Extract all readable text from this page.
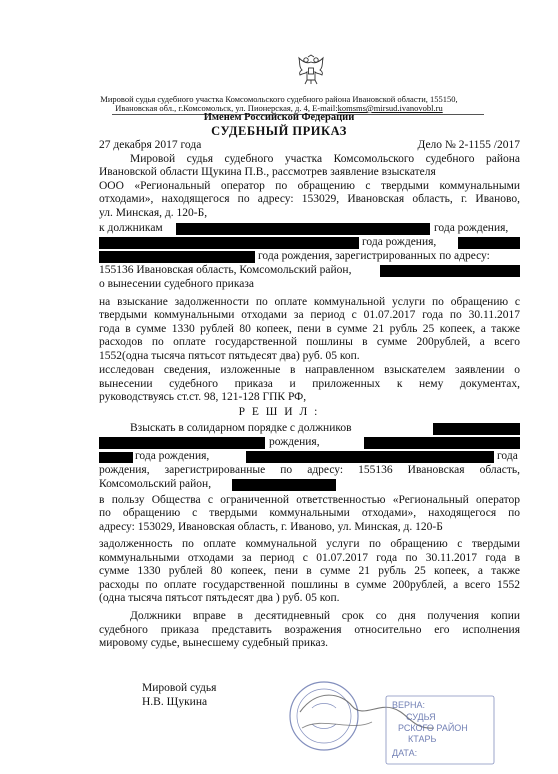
Мировой судья судебного участка Комсомольского судебного района Ивановской области, 155150,
Ивановская обл., г.Комсомольск, ул. Пионерская, д. 4, E-mail:komsms@mirsud.ivanovobl.ru
Именем Российской Федерации
СУДЕБНЫЙ ПРИКАЗ
27 декабря 2017 года	Дело № 2-1155 /2017
Мировой судья судебного участка Комсомольского судебного района
Ивановской области Щукина П.В., рассмотрев заявление взыскателя
ООО «Региональный оператор по обращению с твердыми коммунальными
отходами», находящегося по адресу: 153029, Ивановская область, г. Иваново,
ул. Минская, д. 120-Б,
к должникам	года рождения,
года рождения,
года рождения, зарегистрированных по адресу:
155136 Ивановская область, Комсомольский район,
о вынесении судебного приказа
на взыскание задолженности по оплате коммунальной услуги по обращению с
твердыми коммунальными отходами за период с 01.07.2017 года по 30.11.2017
года в сумме 1330 рублей 80 копеек, пени в сумме 21 рубль 25 копеек, а также
расходов по оплате государственной пошлины в сумме 200рублей, а всего
1552(одна тысяча пятьсот пятьдесят два) руб. 05 коп.
исследован сведения, изложенные в направленном взыскателем заявлении о
вынесении судебного приказа и приложенных к нему документах,
руководствуясь ст.ст. 98, 121-128 ГПК РФ,
Р Е Ш И Л :
Взыскать в солидарном порядке с должников
рождения,
года рождения,	года
рождения, зарегистрированные по адресу: 155136 Ивановская область,
Комсомольский район,
в пользу Общества с ограниченной ответственностью «Региональный оператор
по обращению с твердыми коммунальными отходами», находящегося по
адресу: 153029, Ивановская область, г. Иваново, ул. Минская, д. 120-Б
задолженность по оплате коммунальной услуги по обращению с твердыми
коммунальными отходами за период с 01.07.2017 года по 30.11.2017 года в
сумме 1330 рублей 80 копеек, пени в сумме 21 рубль 25 копеек, а также
расходы по оплате государственной пошлины в сумме 200рублей, а всего 1552
(одна тысяча пятьсот пятьдесят два ) руб. 05 коп.
Должники вправе в десятидневный срок со дня получения копии
судебного приказа представить возражения относительно его исполнения
мировому судье, вынесшему судебный приказ.
Мировой судья
Н.В. Щукина	ВЕРНА:
СУДЬЯ
РСКОГО РАЙОН
КТАРЬ
ДАТА:
